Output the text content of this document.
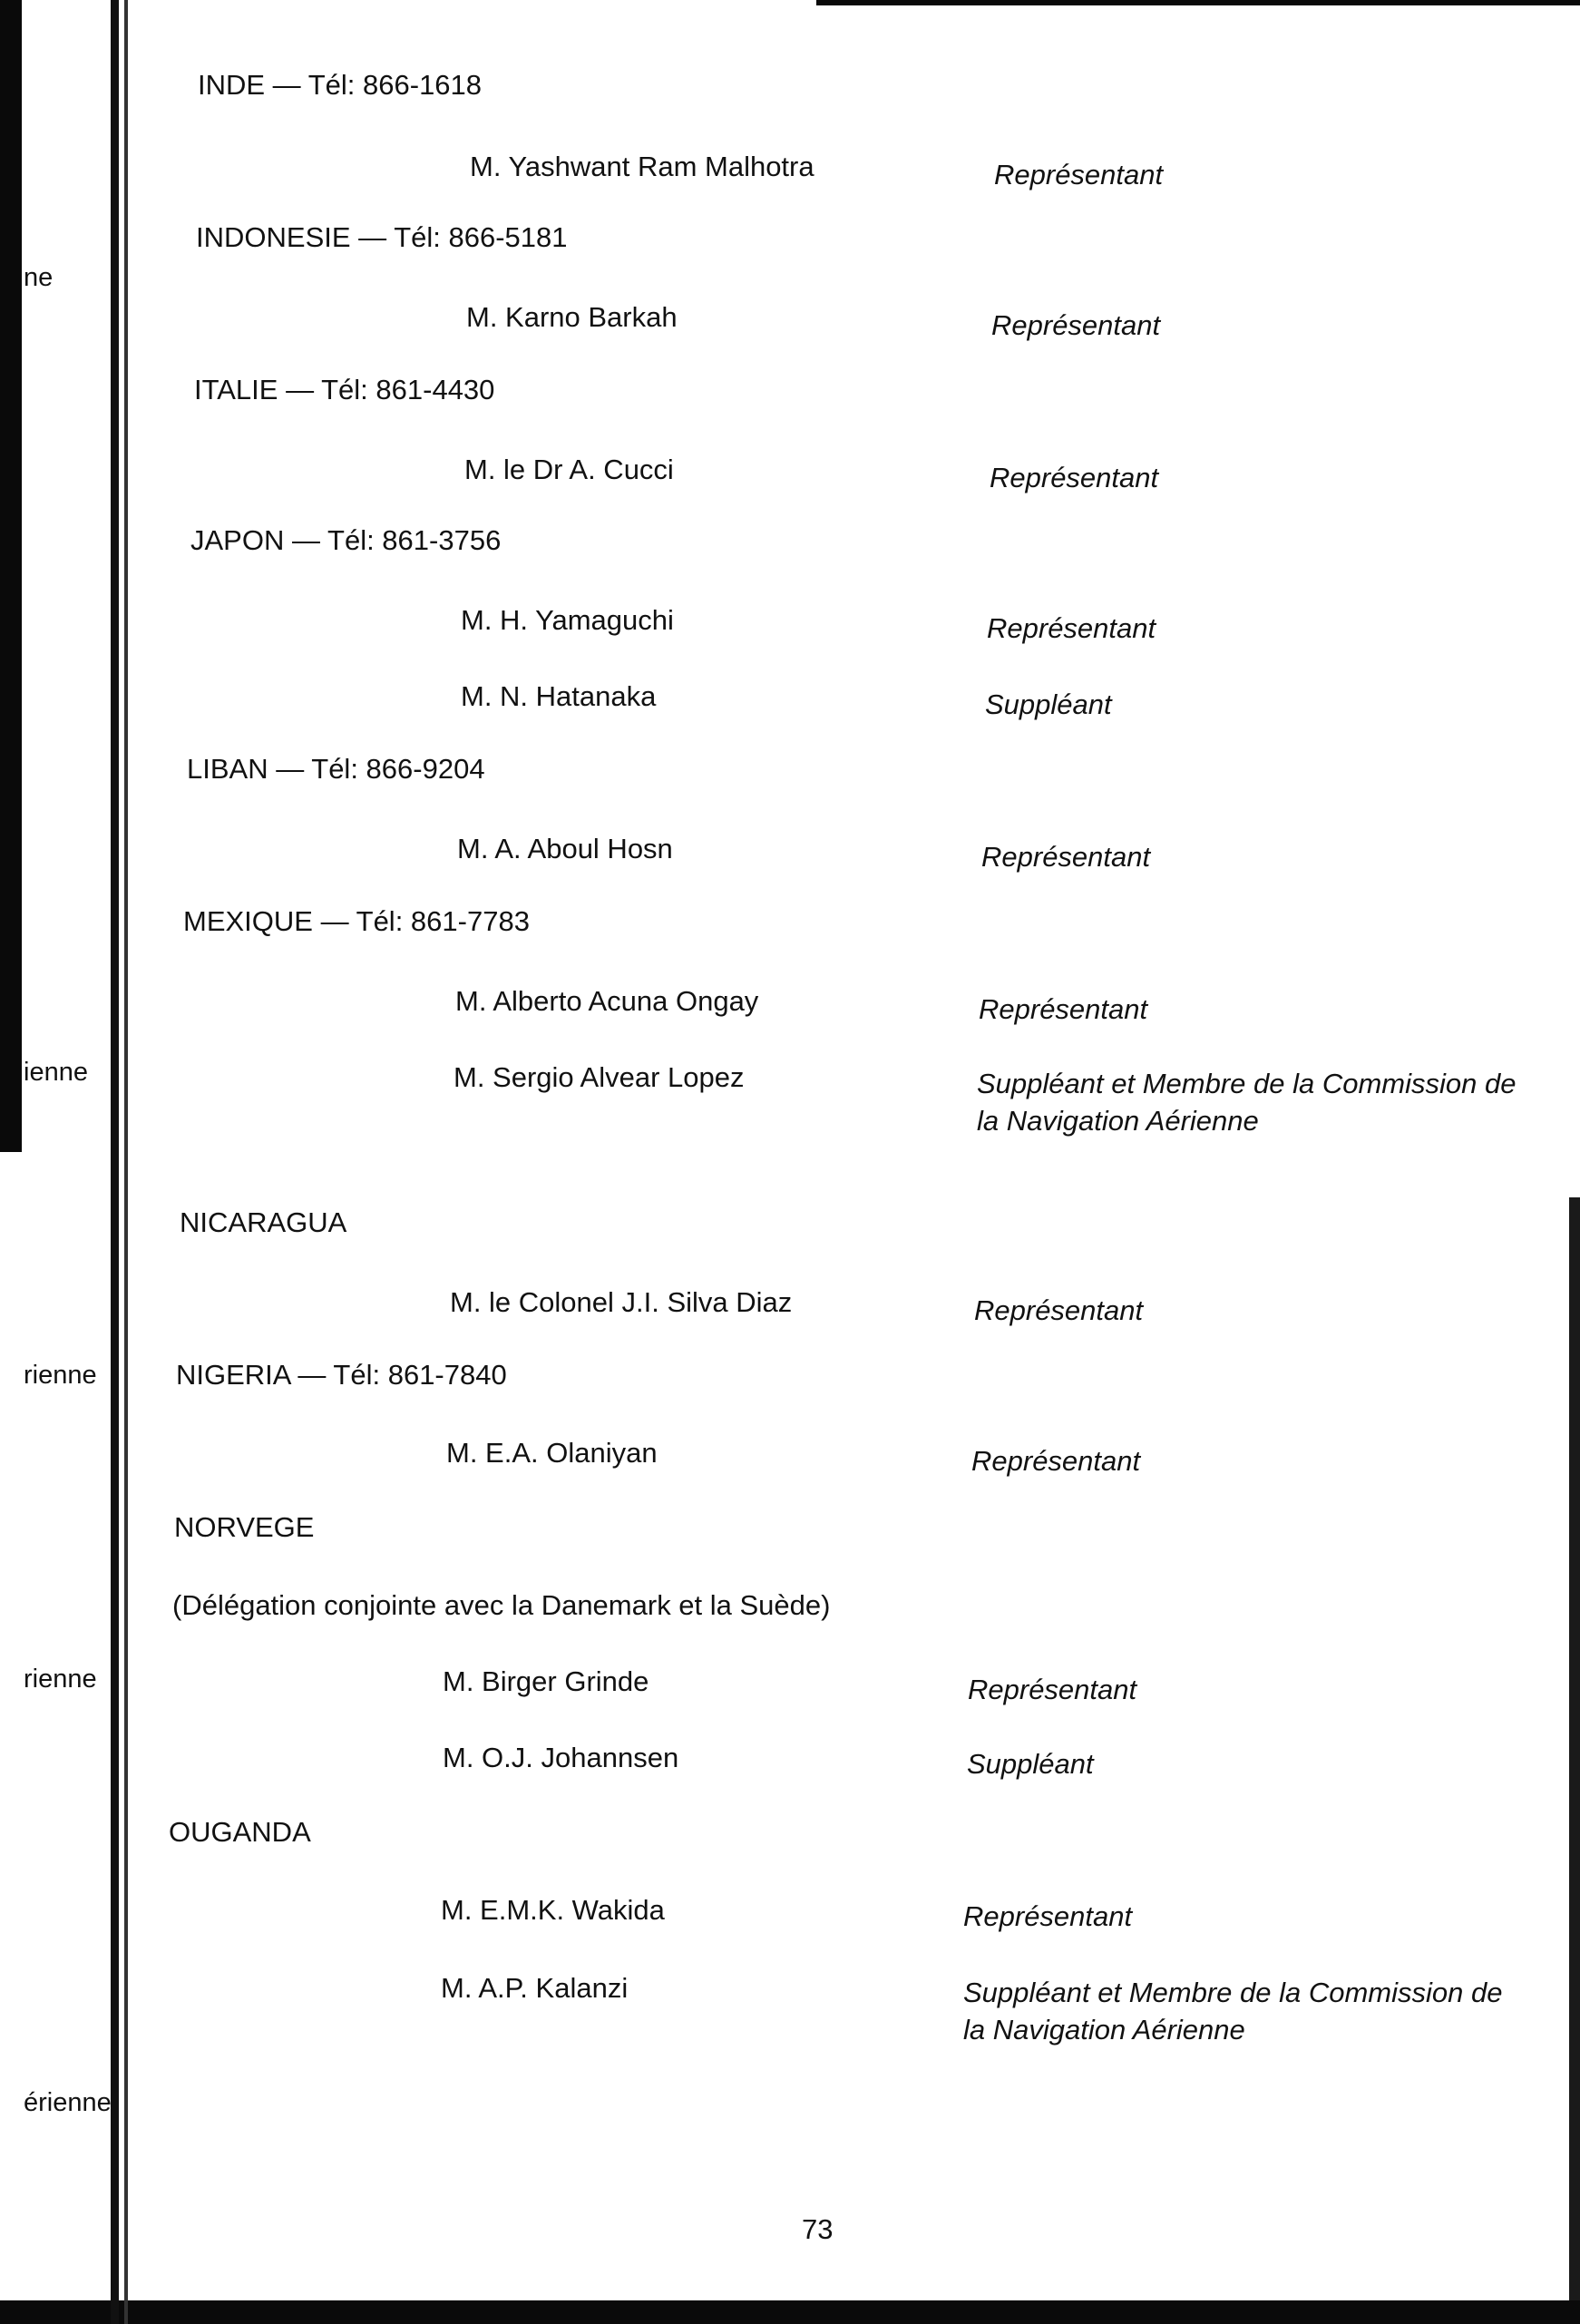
ne
ienne
rienne
rienne
érienne
INDE — Tél: 866-1618
M. Yashwant Ram Malhotra	Représentant
INDONESIE — Tél: 866-5181
M. Karno Barkah	Représentant
ITALIE — Tél: 861-4430
M. le Dr A. Cucci	Représentant
JAPON — Tél: 861-3756
M. H. Yamaguchi	Représentant
M. N. Hatanaka	Suppléant
LIBAN — Tél: 866-9204
M. A. Aboul Hosn	Représentant
MEXIQUE — Tél: 861-7783
M. Alberto Acuna Ongay	Représentant
M. Sergio Alvear Lopez	Suppléant et Membre de la Commission de la Navigation Aérienne
NICARAGUA
M. le Colonel J.I. Silva Diaz	Représentant
NIGERIA — Tél: 861-7840
M. E.A. Olaniyan	Représentant
NORVEGE
(Délégation conjointe avec la Danemark et la Suède)
M. Birger Grinde	Représentant
M. O.J. Johannsen	Suppléant
OUGANDA
M. E.M.K. Wakida	Représentant
M. A.P. Kalanzi	Suppléant et Membre de la Commission de la Navigation Aérienne
73
